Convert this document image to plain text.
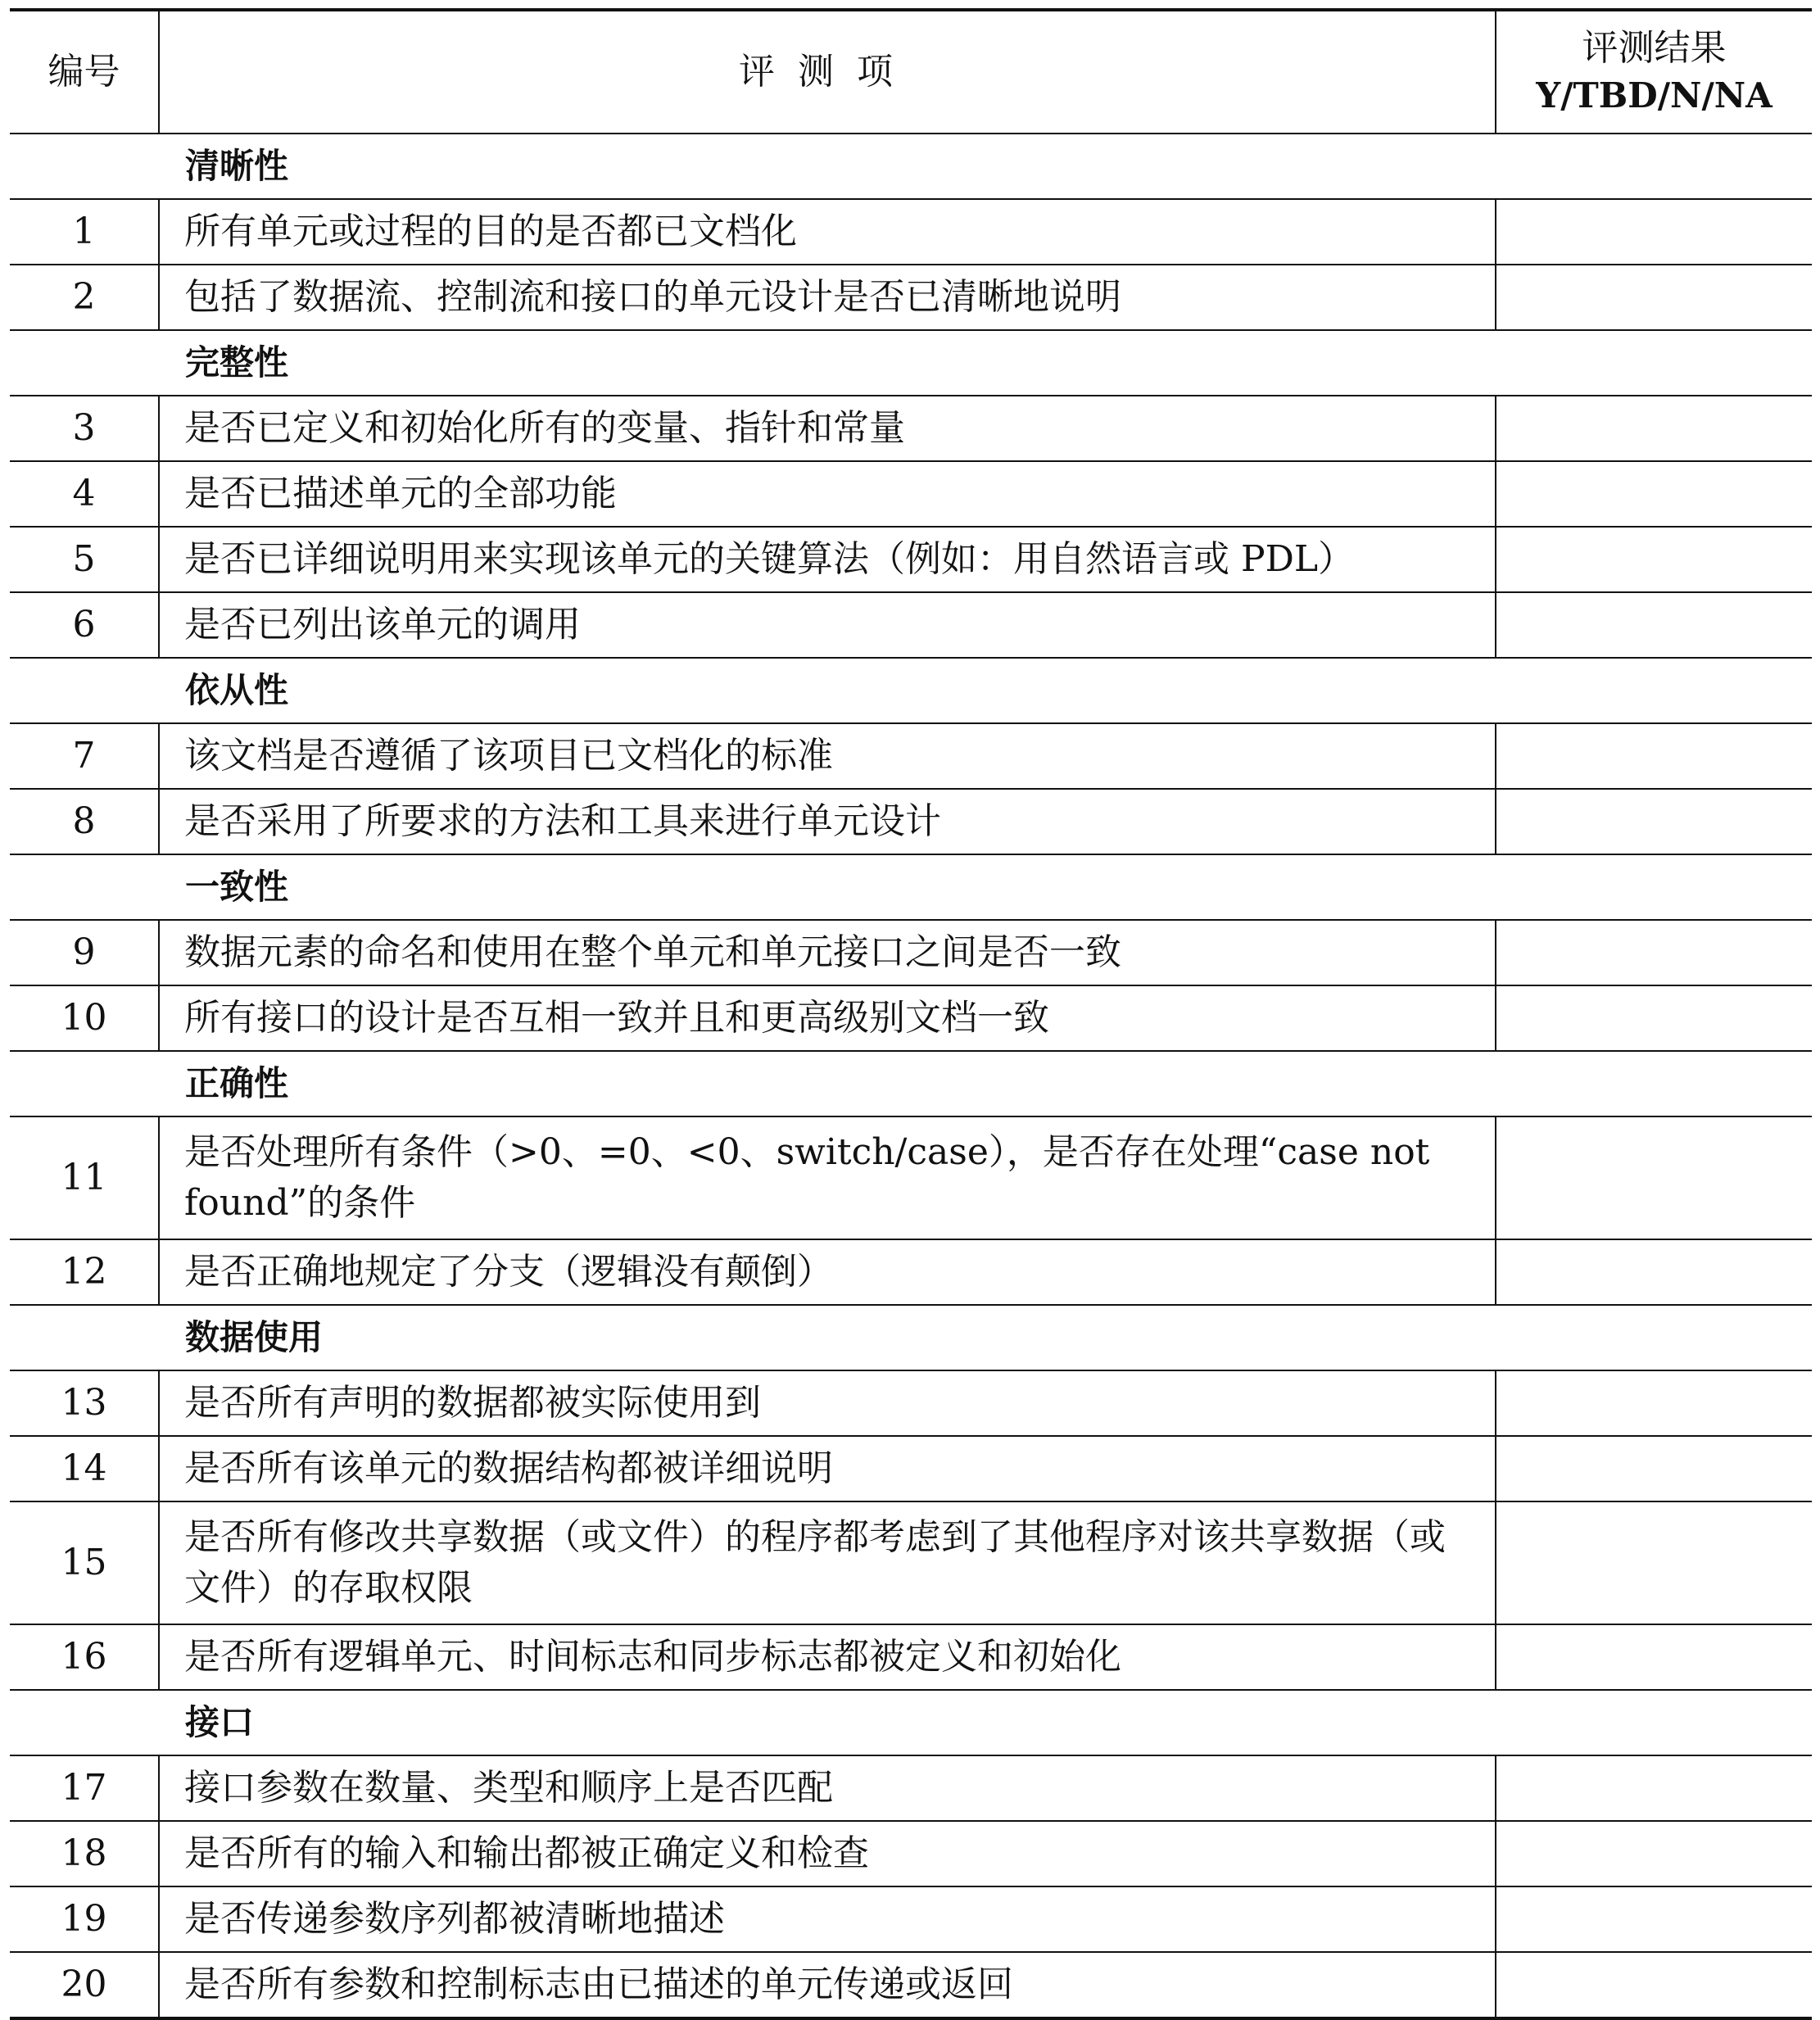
编号	评测项	评测结果
Y/TBD/N/NA

	清晰性	
1	所有单元或过程的目的是否都已文档化	
2	包括了数据流、控制流和接口的单元设计是否已清晰地说明	
	完整性	
3	是否已定义和初始化所有的变量、指针和常量	
4	是否已描述单元的全部功能	
5	是否已详细说明用来实现该单元的关键算法（例如：用自然语言或 PDL）	
6	是否已列出该单元的调用	
	依从性	
7	该文档是否遵循了该项目已文档化的标准	
8	是否采用了所要求的方法和工具来进行单元设计	
	一致性	
9	数据元素的命名和使用在整个单元和单元接口之间是否一致	
10	所有接口的设计是否互相一致并且和更高级别文档一致	
	正确性	
11	是否处理所有条件（>0、=0、<0、switch/case），是否存在处理“case not found”的条件	
12	是否正确地规定了分支（逻辑没有颠倒）	
	数据使用	
13	是否所有声明的数据都被实际使用到	
14	是否所有该单元的数据结构都被详细说明	
15	是否所有修改共享数据（或文件）的程序都考虑到了其他程序对该共享数据（或文件）的存取权限	
16	是否所有逻辑单元、时间标志和同步标志都被定义和初始化	
	接口	
17	接口参数在数量、类型和顺序上是否匹配	
18	是否所有的输入和输出都被正确定义和检查	
19	是否传递参数序列都被清晰地描述	
20	是否所有参数和控制标志由已描述的单元传递或返回	
